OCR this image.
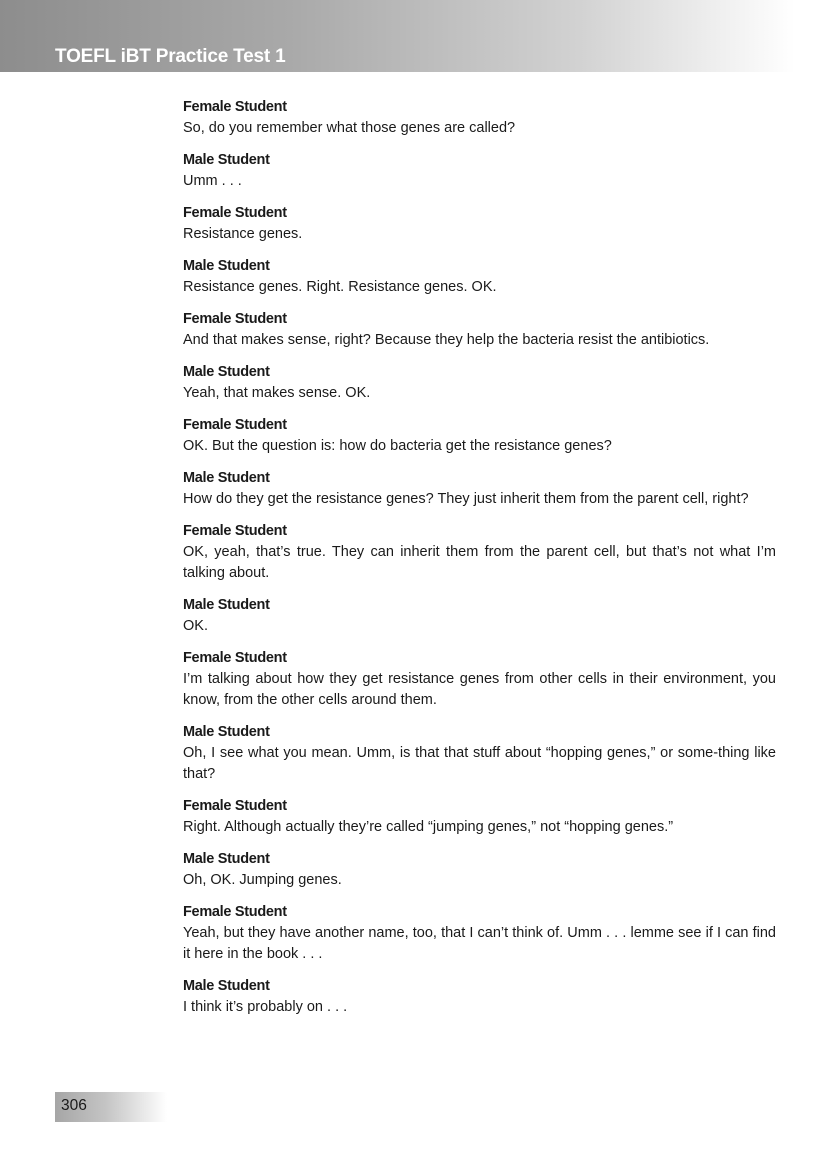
TOEFL iBT Practice Test 1
Female Student
So, do you remember what those genes are called?
Male Student
Umm . . .
Female Student
Resistance genes.
Male Student
Resistance genes. Right. Resistance genes. OK.
Female Student
And that makes sense, right? Because they help the bacteria resist the antibiotics.
Male Student
Yeah, that makes sense. OK.
Female Student
OK. But the question is: how do bacteria get the resistance genes?
Male Student
How do they get the resistance genes? They just inherit them from the parent cell, right?
Female Student
OK, yeah, that’s true. They can inherit them from the parent cell, but that’s not what I’m talking about.
Male Student
OK.
Female Student
I’m talking about how they get resistance genes from other cells in their environment, you know, from the other cells around them.
Male Student
Oh, I see what you mean. Umm, is that that stuff about “hopping genes,” or some-thing like that?
Female Student
Right. Although actually they’re called “jumping genes,” not “hopping genes.”
Male Student
Oh, OK. Jumping genes.
Female Student
Yeah, but they have another name, too, that I can’t think of. Umm . . . lemme see if I can find it here in the book . . .
Male Student
I think it’s probably on . . .
306
